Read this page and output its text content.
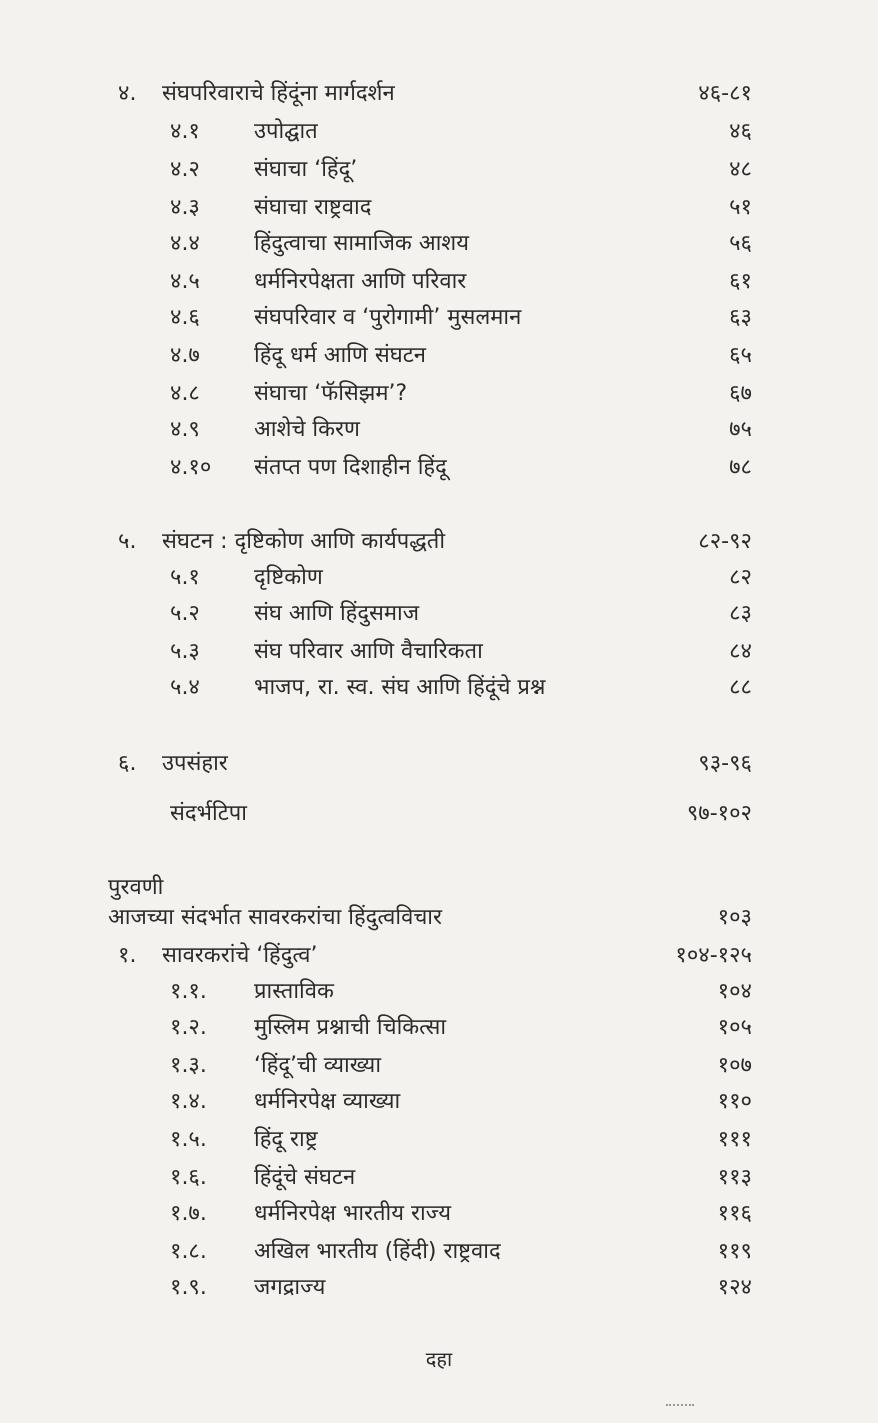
४. संघपरिवाराचे हिंदूंना मार्गदर्शन	४६-८१
४.१ उपोद्घात	४६
४.२ संघाचा ‘हिंदू’	४८
४.३ संघाचा राष्ट्रवाद	५१
४.४ हिंदुत्वाचा सामाजिक आशय	५६
४.५ धर्मनिरपेक्षता आणि परिवार	६१
४.६ संघपरिवार व ‘पुरोगामी’ मुसलमान	६३
४.७ हिंदू धर्म आणि संघटन	६५
४.८ संघाचा ‘फॅसिझम’?	६७
४.९ आशेचे किरण	७५
४.१० संतप्त पण दिशाहीन हिंदू	७८
५. संघटन : दृष्टिकोण आणि कार्यपद्धती	८२-९२
५.१ दृष्टिकोण	८२
५.२ संघ आणि हिंदुसमाज	८३
५.३ संघ परिवार आणि वैचारिकता	८४
५.४ भाजप, रा. स्व. संघ आणि हिंदूंचे प्रश्न	८८
६. उपसंहार	९३-९६
संदर्भटिपा	९७-१०२
पुरवणी
आजच्या संदर्भात सावरकरांचा हिंदुत्वविचार	१०३
१. सावरकरांचे ‘हिंदुत्व’	१०४-१२५
१.१. प्रास्ताविक	१०४
१.२. मुस्लिम प्रश्नाची चिकित्सा	१०५
१.३. ‘हिंदू’ची व्याख्या	१०७
१.४. धर्मनिरपेक्ष व्याख्या	११०
१.५. हिंदू राष्ट्र	१११
१.६. हिंदूंचे संघटन	११३
१.७. धर्मनिरपेक्ष भारतीय राज्य	११६
१.८. अखिल भारतीय (हिंदी) राष्ट्रवाद	११९
१.९. जगद्राज्य	१२४
दहा
